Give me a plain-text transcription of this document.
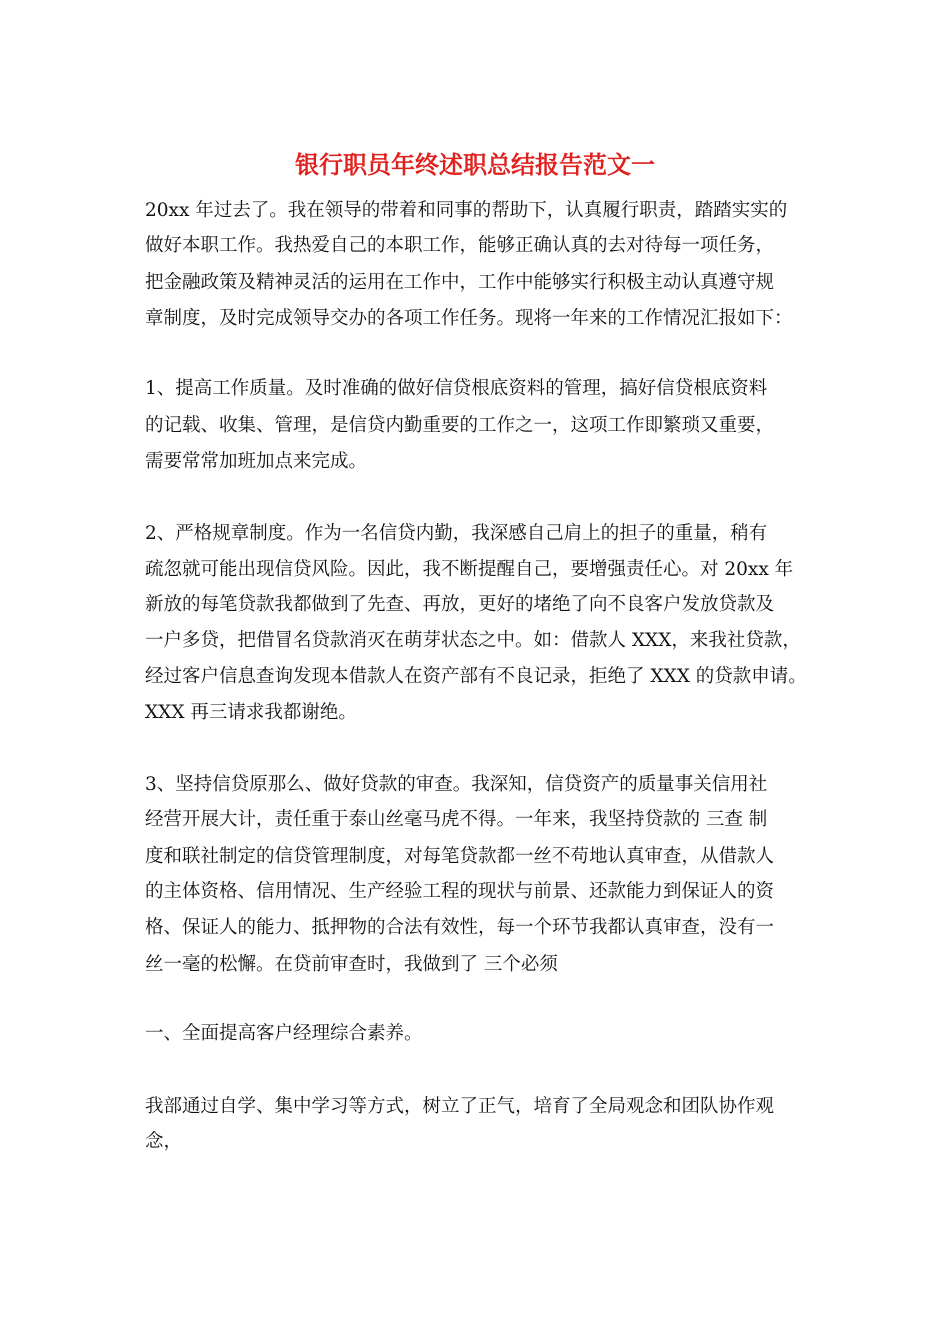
银行职员年终述职总结报告范文一
20xx 年过去了。我在领导的带着和同事的帮助下，认真履行职责，踏踏实实的
做好本职工作。我热爱自己的本职工作，能够正确认真的去对待每一项任务，
把金融政策及精神灵活的运用在工作中，工作中能够实行积极主动认真遵守规
章制度，及时完成领导交办的各项工作任务。现将一年来的工作情况汇报如下：
1、提高工作质量。及时准确的做好信贷根底资料的管理，搞好信贷根底资料
的记载、收集、管理，是信贷内勤重要的工作之一，这项工作即繁琐又重要，
需要常常加班加点来完成。
2、严格规章制度。作为一名信贷内勤，我深感自己肩上的担子的重量，稍有
疏忽就可能出现信贷风险。因此，我不断提醒自己，要增强责任心。对 20xx 年
新放的每笔贷款我都做到了先查、再放，更好的堵绝了向不良客户发放贷款及
一户多贷，把借冒名贷款消灭在萌芽状态之中。如：借款人 XXX，来我社贷款，
经过客户信息查询发现本借款人在资产部有不良记录，拒绝了 XXX 的贷款申请。
XXX 再三请求我都谢绝。
3、坚持信贷原那么、做好贷款的审查。我深知，信贷资产的质量事关信用社
经营开展大计，责任重于泰山丝毫马虎不得。一年来，我坚持贷款的 三查 制
度和联社制定的信贷管理制度，对每笔贷款都一丝不苟地认真审查，从借款人
的主体资格、信用情况、生产经验工程的现状与前景、还款能力到保证人的资
格、保证人的能力、抵押物的合法有效性，每一个环节我都认真审查，没有一
丝一毫的松懈。在贷前审查时，我做到了 三个必须
一、全面提高客户经理综合素养。
我部通过自学、集中学习等方式，树立了正气，培育了全局观念和团队协作观
念，
